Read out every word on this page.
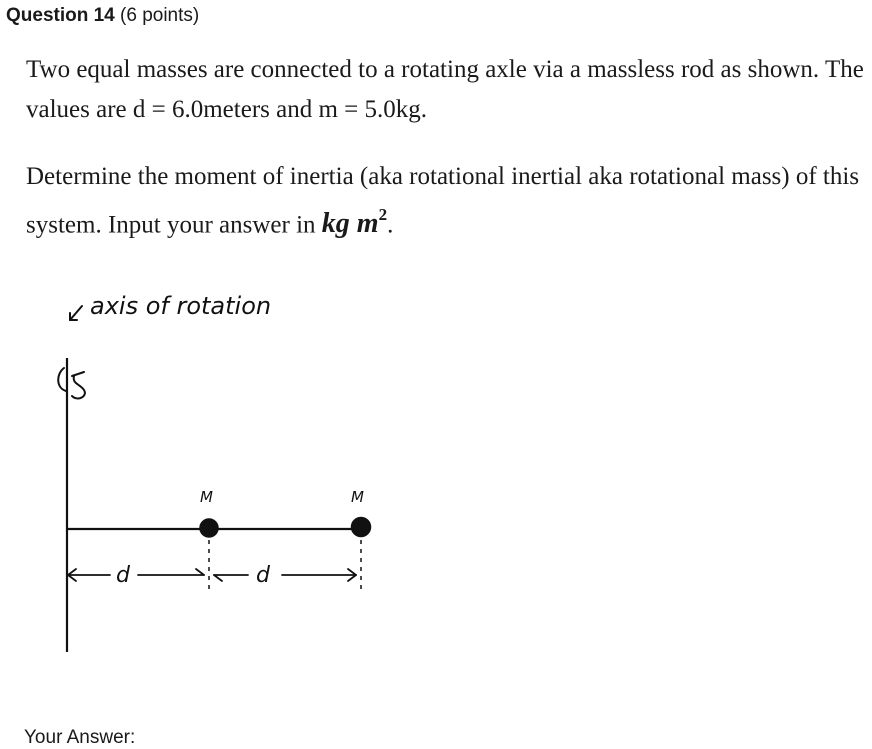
Question 14 (6 points)
Two equal masses are connected to a rotating axle via a massless rod as shown. The values are d = 6.0meters and m = 5.0kg.
Determine the moment of inertia (aka rotational inertial aka rotational mass) of this system. Input your answer in kg $m^2$.
axis of rotation
M	M
d	d
Your Answer:
